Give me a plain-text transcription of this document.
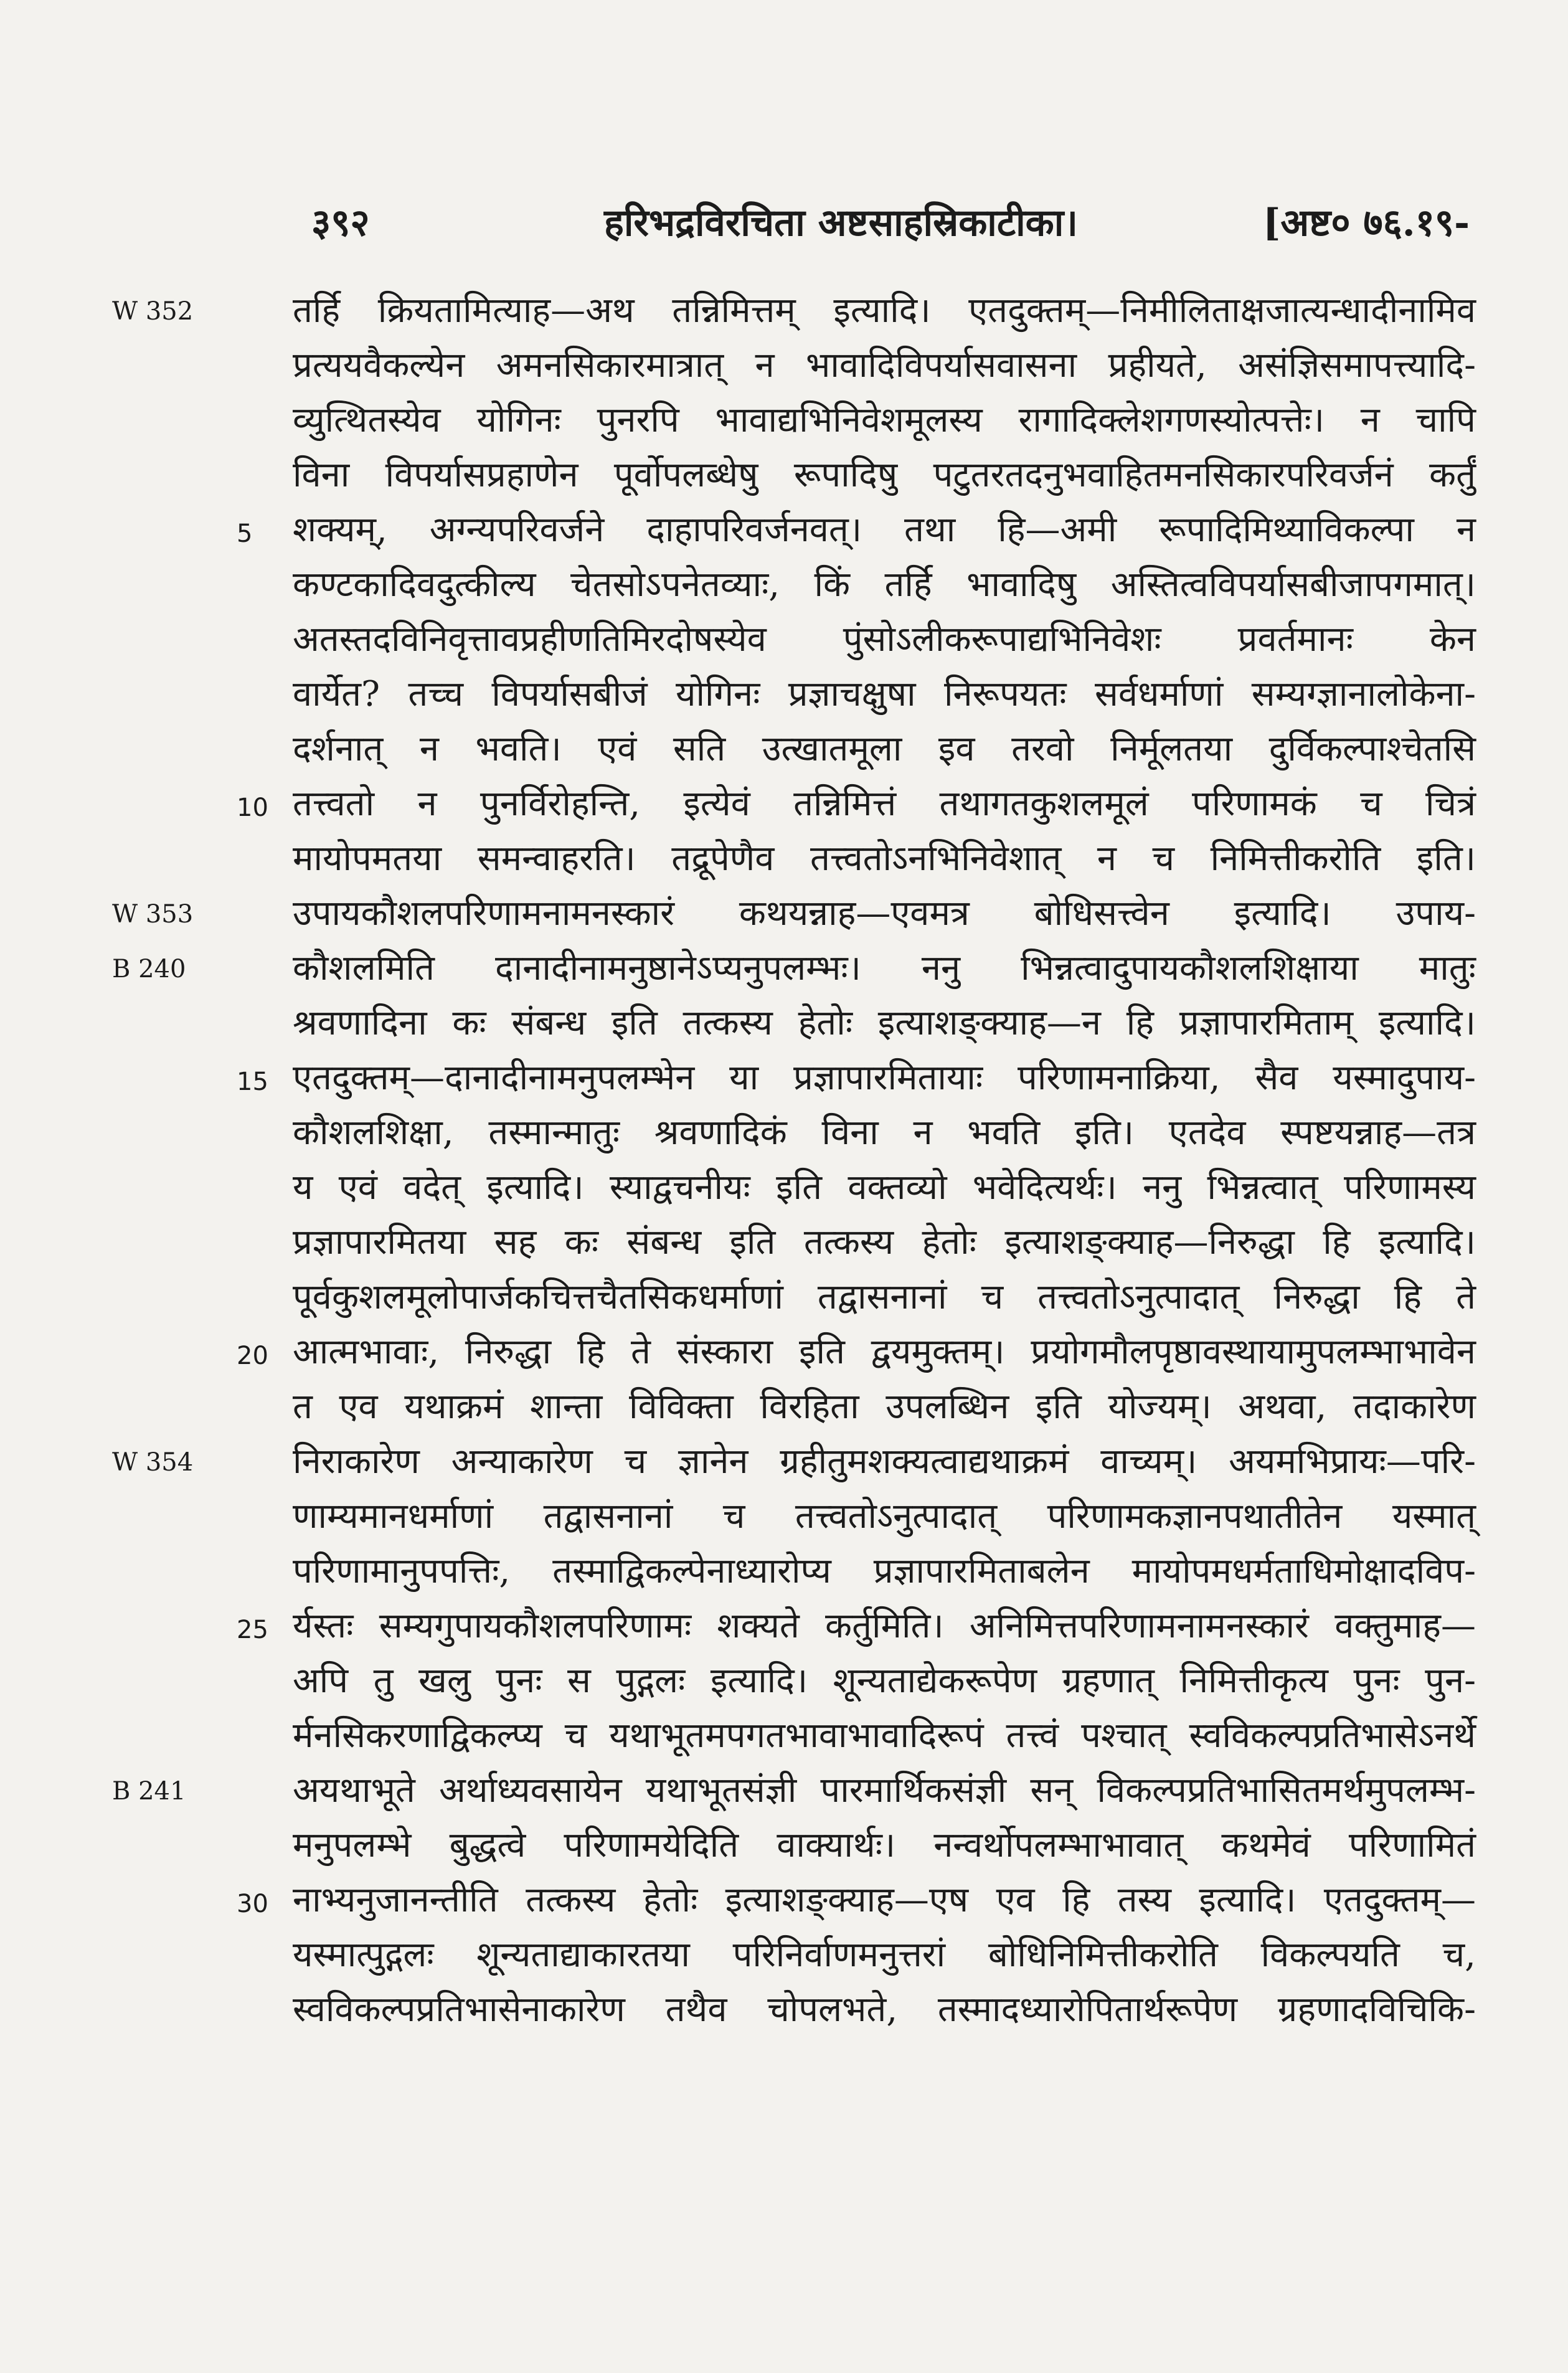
३९२	हरिभद्रविरचिता अष्टसाहस्रिकाटीका।	[अष्ट० ७६.१९-
W 352
W 353
B 240
W 354
B 241
तर्हि क्रियतामित्याह—अथ तन्निमित्तम् इत्यादि। एतदुक्तम्—निमीलिताक्षजात्यन्धादीनामिव
प्रत्ययवैकल्येन अमनसिकारमात्रात् न भावादिविपर्यासवासना प्रहीयते, असंज्ञिसमापत्त्यादि-
व्युत्थितस्येव योगिनः पुनरपि भावाद्यभिनिवेशमूलस्य रागादिक्लेशगणस्योत्पत्तेः। न चापि
विना विपर्यासप्रहाणेन पूर्वोपलब्धेषु रूपादिषु पटुतरतदनुभवाहितमनसिकारपरिवर्जनं कर्तुं
5	शक्यम्, अग्न्यपरिवर्जने दाहापरिवर्जनवत्। तथा हि—अमी रूपादिमिथ्याविकल्पा न
कण्टकादिवदुत्कील्य चेतसोऽपनेतव्याः, किं तर्हि भावादिषु अस्तित्वविपर्यासबीजापगमात्।
अतस्तदविनिवृत्तावप्रहीणतिमिरदोषस्येव पुंसोऽलीकरूपाद्यभिनिवेशः प्रवर्तमानः केन
वार्येत? तच्च विपर्यासबीजं योगिनः प्रज्ञाचक्षुषा निरूपयतः सर्वधर्माणां सम्यग्ज्ञानालोकेना-
दर्शनात् न भवति। एवं सति उत्खातमूला इव तरवो निर्मूलतया दुर्विकल्पाश्चेतसि
10 तत्त्वतो न पुनर्विरोहन्ति, इत्येवं तन्निमित्तं तथागतकुशलमूलं परिणामकं च चित्रं
मायोपमतया समन्वाहरति। तद्रूपेणैव तत्त्वतोऽनभिनिवेशात् न च निमित्तीकरोति इति।
उपायकौशलपरिणामनामनस्कारं कथयन्नाह—एवमत्र बोधिसत्त्वेन इत्यादि। उपाय-
कौशलमिति दानादीनामनुष्ठानेऽप्यनुपलम्भः। ननु भिन्नत्वादुपायकौशलशिक्षाया मातुः
श्रवणादिना कः संबन्ध इति तत्कस्य हेतोः इत्याशङ्क्याह—न हि प्रज्ञापारमिताम् इत्यादि।
15 एतदुक्तम्—दानादीनामनुपलम्भेन या प्रज्ञापारमितायाः परिणामनाक्रिया, सैव यस्मादुपाय-
कौशलशिक्षा, तस्मान्मातुः श्रवणादिकं विना न भवति इति। एतदेव स्पष्टयन्नाह—तत्र
य एवं वदेत् इत्यादि। स्याद्वचनीयः इति वक्तव्यो भवेदित्यर्थः। ननु भिन्नत्वात् परिणामस्य
प्रज्ञापारमितया सह कः संबन्ध इति तत्कस्य हेतोः इत्याशङ्क्याह—निरुद्धा हि इत्यादि।
पूर्वकुशलमूलोपार्जकचित्तचैतसिकधर्माणां तद्वासनानां च तत्त्वतोऽनुत्पादात् निरुद्धा हि ते
20 आत्मभावाः, निरुद्धा हि ते संस्कारा इति द्वयमुक्तम्। प्रयोगमौलपृष्ठावस्थायामुपलम्भाभावेन
त एव यथाक्रमं शान्ता विविक्ता विरहिता उपलब्धिन इति योज्यम्। अथवा, तदाकारेण
निराकारेण अन्याकारेण च ज्ञानेन ग्रहीतुमशक्यत्वाद्यथाक्रमं वाच्यम्। अयमभिप्रायः—परि-
णाम्यमानधर्माणां तद्वासनानां च तत्त्वतोऽनुत्पादात् परिणामकज्ञानपथातीतेन यस्मात्
परिणामानुपपत्तिः, तस्माद्विकल्पेनाध्यारोप्य प्रज्ञापारमिताबलेन मायोपमधर्मताधिमोक्षादविप-
25 र्यस्तः सम्यगुपायकौशलपरिणामः शक्यते कर्तुमिति। अनिमित्तपरिणामनामनस्कारं वक्तुमाह—
अपि तु खलु पुनः स पुद्गलः इत्यादि। शून्यताद्येकरूपेण ग्रहणात् निमित्तीकृत्य पुनः पुन-
र्मनसिकरणाद्विकल्प्य च यथाभूतमपगतभावाभावादिरूपं तत्त्वं पश्चात् स्वविकल्पप्रतिभासेऽनर्थे
अयथाभूते अर्थाध्यवसायेन यथाभूतसंज्ञी पारमार्थिकसंज्ञी सन् विकल्पप्रतिभासितमर्थमुपलम्भ-
मनुपलम्भे बुद्धत्वे परिणामयेदिति वाक्यार्थः। नन्वर्थोपलम्भाभावात् कथमेवं परिणामितं
30 नाभ्यनुजानन्तीति तत्कस्य हेतोः इत्याशङ्क्याह—एष एव हि तस्य इत्यादि। एतदुक्तम्—
यस्मात्पुद्गलः शून्यताद्याकारतया परिनिर्वाणमनुत्तरां बोधिनिमित्तीकरोति विकल्पयति च,
स्वविकल्पप्रतिभासेनाकारेण तथैव चोपलभते, तस्मादध्यारोपितार्थरूपेण ग्रहणादविचिकि-
